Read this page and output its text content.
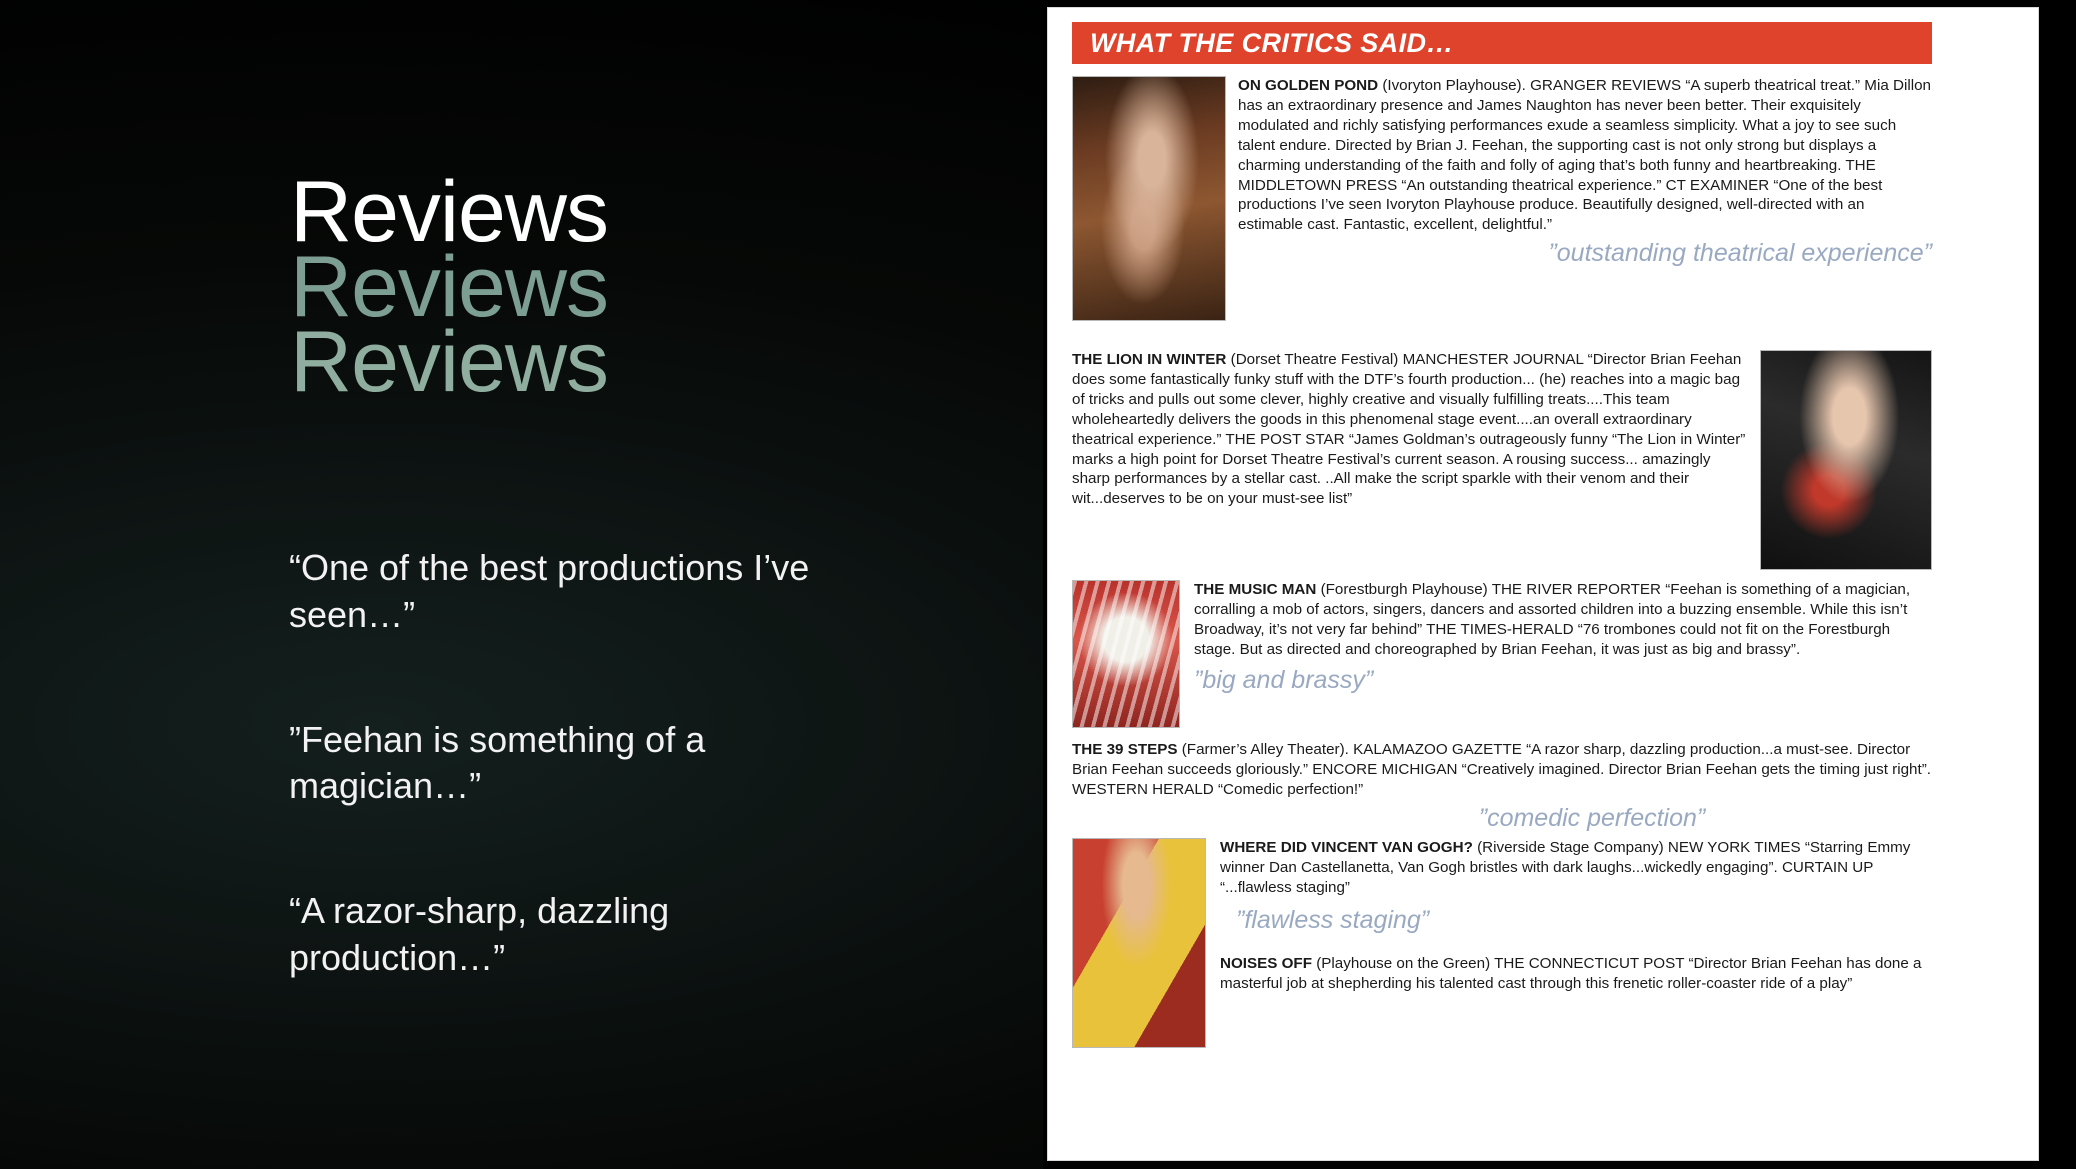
Reviews
Reviews
Reviews
“One of the best productions I’ve seen…”
”Feehan is something of a magician…”
“A razor-sharp, dazzling production…”
WHAT THE CRITICS SAID…
ON GOLDEN POND (Ivoryton Playhouse). GRANGER REVIEWS “A superb theatrical treat.” Mia Dillon has an extraordinary presence and James Naughton has never been better. Their exquisitely modulated and richly satisfying performances exude a seamless simplicity. What a joy to see such talent endure. Directed by Brian J. Feehan, the supporting cast is not only strong but displays a charming understanding of the faith and folly of aging that’s both funny and heartbreaking. THE MIDDLETOWN PRESS “An outstanding theatrical experience.” CT EXAMINER “One of the best productions I’ve seen Ivoryton Playhouse produce. Beautifully designed, well-directed with an estimable cast. Fantastic, excellent, delightful.”
”outstanding theatrical experience”
THE LION IN WINTER (Dorset Theatre Festival) MANCHESTER JOURNAL “Director Brian Feehan does some fantastically funky stuff with the DTF’s fourth production... (he) reaches into a magic bag of tricks and pulls out some clever, highly creative and visually fulfilling treats....This team wholeheartedly delivers the goods in this phenomenal stage event....an overall extraordinary theatrical experience.” THE POST STAR “James Goldman’s outrageously funny “The Lion in Winter” marks a high point for Dorset Theatre Festival’s current season. A rousing success... amazingly sharp performances by a stellar cast. ..All make the script sparkle with their venom and their wit...deserves to be on your must-see list”
THE MUSIC MAN (Forestburgh Playhouse) THE RIVER REPORTER “Feehan is something of a magician, corralling a mob of actors, singers, dancers and assorted children into a buzzing ensemble. While this isn’t Broadway, it’s not very far behind” THE TIMES-HERALD “76 trombones could not fit on the Forestburgh stage. But as directed and choreographed by Brian Feehan, it was just as big and brassy”.
”big and brassy”
THE 39 STEPS (Farmer’s Alley Theater). KALAMAZOO GAZETTE “A razor sharp, dazzling production...a must-see. Director Brian Feehan succeeds gloriously.” ENCORE MICHIGAN “Creatively imagined. Director Brian Feehan gets the timing just right”. WESTERN HERALD “Comedic perfection!”
”comedic perfection”
WHERE DID VINCENT VAN GOGH? (Riverside Stage Company) NEW YORK TIMES “Starring Emmy winner Dan Castellanetta, Van Gogh bristles with dark laughs...wickedly engaging”. CURTAIN UP “...flawless staging”
”flawless staging”
NOISES OFF (Playhouse on the Green) THE CONNECTICUT POST “Director Brian Feehan has done a masterful job at shepherding his talented cast through this frenetic roller-coaster ride of a play”
